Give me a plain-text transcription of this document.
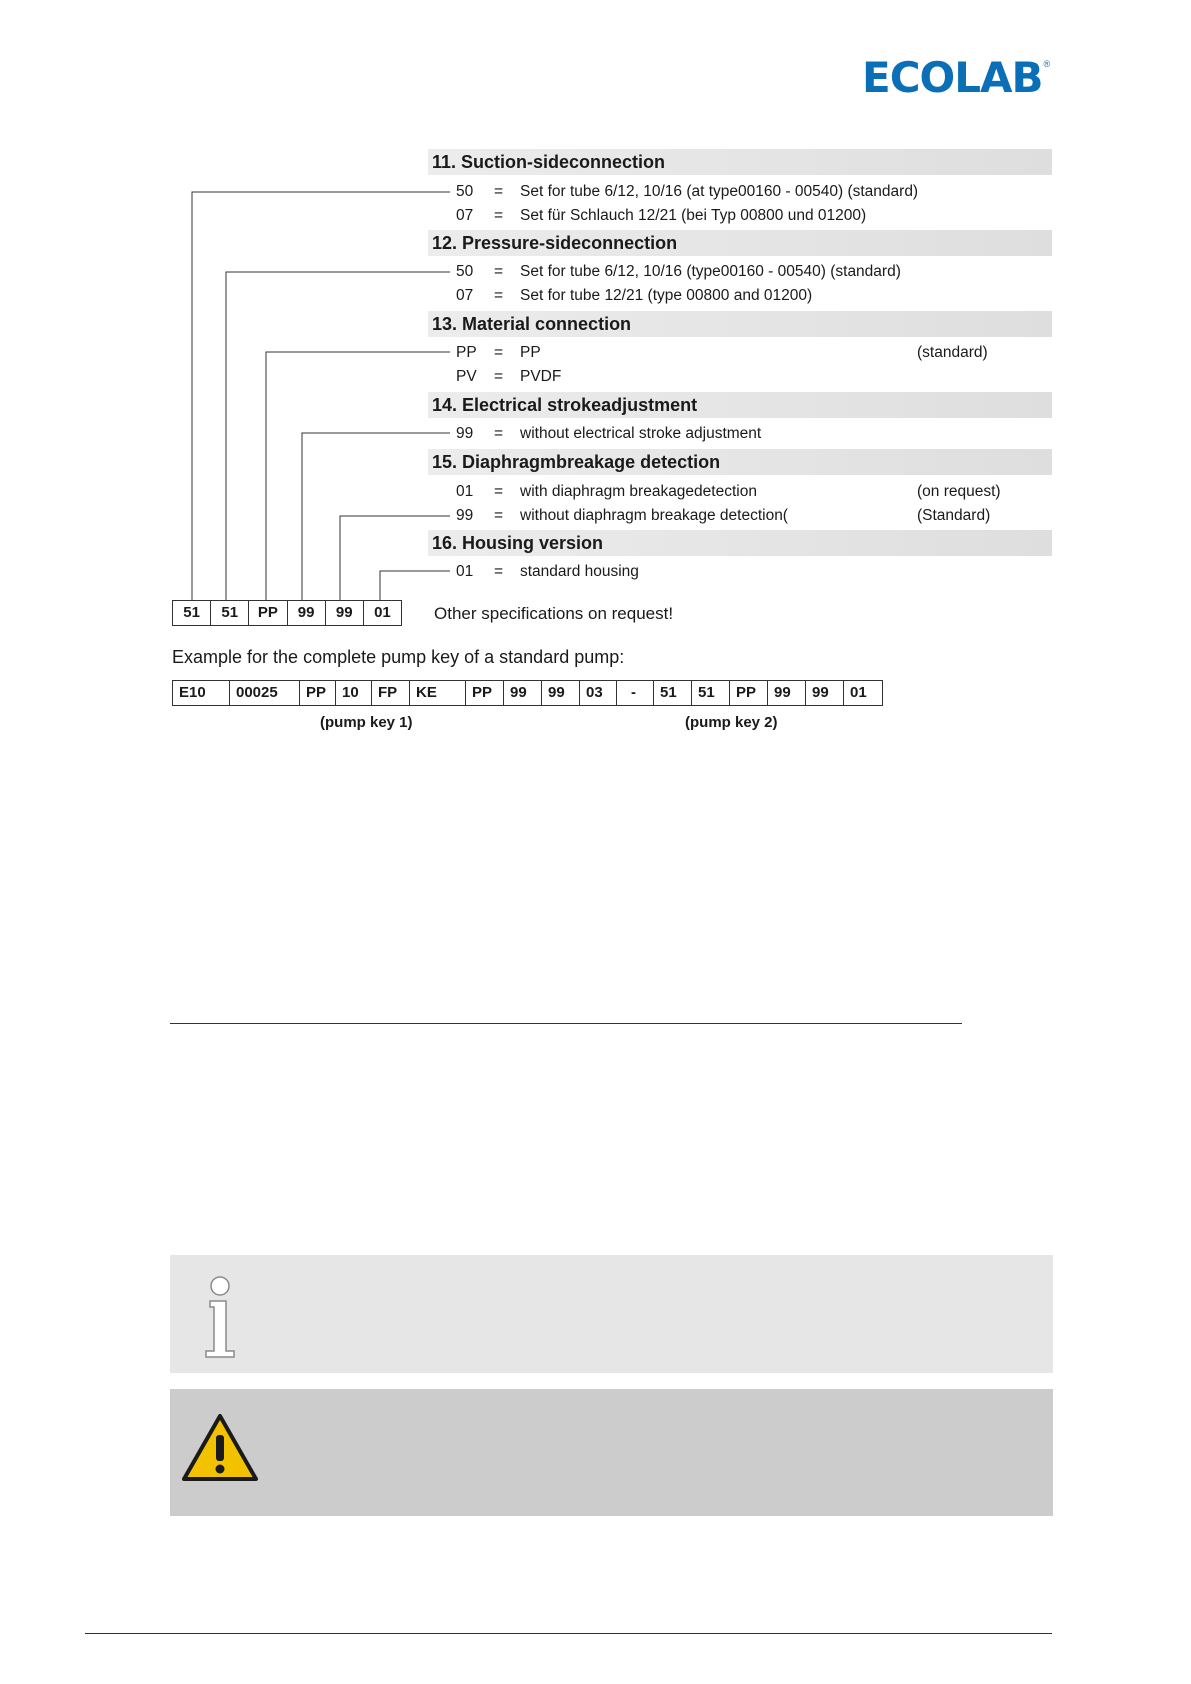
ECOLAB ®
11. Suction-sideconnection
50 = Set for tube 6/12, 10/16 (at type00160 - 00540) (standard)
07 = Set für Schlauch 12/21 (bei Typ 00800 und 01200)
12. Pressure-sideconnection
50 = Set for tube 6/12, 10/16 (type00160 - 00540) (standard)
07 = Set for tube 12/21 (type 00800 and 01200)
13. Material connection
PP = PP	(standard)
PV = PVDF
14. Electrical strokeadjustment
99 = without electrical stroke adjustment
15. Diaphragmbreakage detection
01 = with diaphragm breakagedetection	(on request)
99 = without diaphragm breakage detection(	(Standard)
16. Housing version
01 = standard housing
51	51	PP	99	99	01	Other specifications on request!
Example for the complete pump key of a standard pump:
E10	00025	PP	10	FP	KE	PP	99	99	03	-	51	51	PP	99	99	01
(pump key 1)	(pump key 2)
